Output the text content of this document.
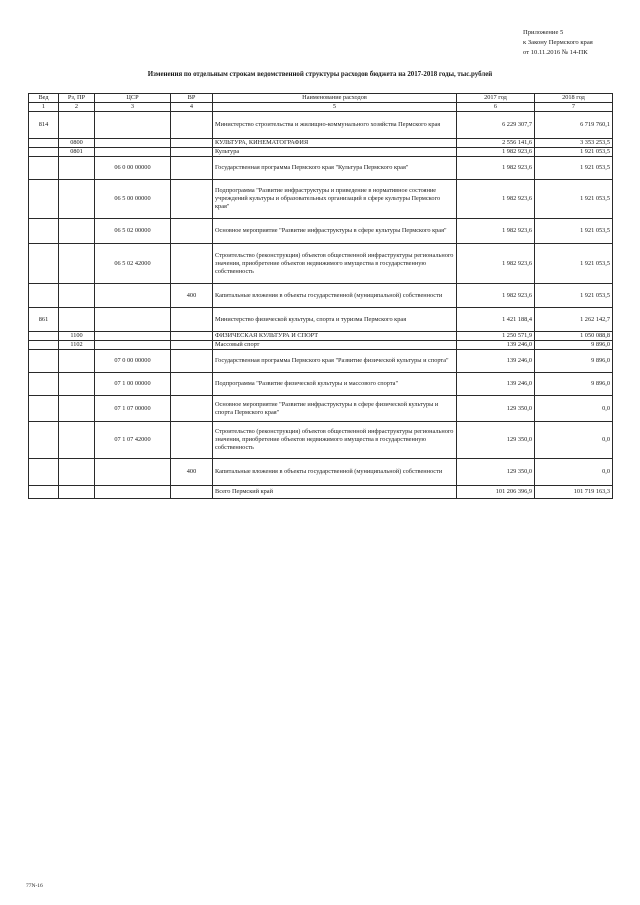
Приложение 5
к Закону Пермского края
от 10.11.2016 № 14-ПК
Изменения по отдельным строкам ведомственной структуры расходов бюджета на 2017-2018 годы, тыс.рублей
Вед	Рз, ПР	ЦСР	ВР	Наименование расходов	2017 год	2018 год
1	2	3	4	5	6	7
814				Министерство строительства и жилищно-коммунального хозяйства Пермского края	6 229 307,7	6 719 760,1
	0800			КУЛЬТУРА, КИНЕМАТОГРАФИЯ	2 556 141,6	3 353 253,5
	0801			Культура	1 982 923,6	1 921 053,5
		06 0 00 00000		Государственная программа Пермского края "Культура Пермского края"	1 982 923,6	1 921 053,5
		06 5 00 00000		Подпрограмма "Развитие инфраструктуры и приведение в нормативное состояние учреждений культуры и образовательных организаций в сфере культуры Пермского края"	1 982 923,6	1 921 053,5
		06 5 02 00000		Основное мероприятие "Развитие инфраструктуры в сфере культуры Пермского края"	1 982 923,6	1 921 053,5
		06 5 02 42000		Строительство (реконструкция) объектов общественной инфраструктуры регионального значения, приобретение объектов недвижимого имущества в государственную собственность	1 982 923,6	1 921 053,5
			400	Капитальные вложения в объекты государственной (муниципальной) собственности	1 982 923,6	1 921 053,5
861				Министерство физической культуры, спорта и туризма Пермского края	1 421 188,4	1 262 142,7
	1100			ФИЗИЧЕСКАЯ КУЛЬТУРА И СПОРТ	1 250 571,9	1 050 088,8
	1102			Массовый спорт	139 246,0	9 896,0
		07 0 00 00000		Государственная программа Пермского края "Развитие физической культуры и спорта"	139 246,0	9 896,0
		07 1 00 00000		Подпрограмма "Развитие физической культуры и массового спорта"	139 246,0	9 896,0
		07 1 07 00000		Основное мероприятие "Развитие инфраструктуры в сфере физической культуры и спорта Пермского края"	129 350,0	0,0
		07 1 07 42000		Строительство (реконструкция) объектов общественной инфраструктуры регионального значения, приобретение объектов недвижимого имущества в государственную собственность	129 350,0	0,0
			400	Капитальные вложения в объекты государственной (муниципальной) собственности	129 350,0	0,0
				Всего Пермский край	101 206 396,9	101 719 163,3
77N-16
